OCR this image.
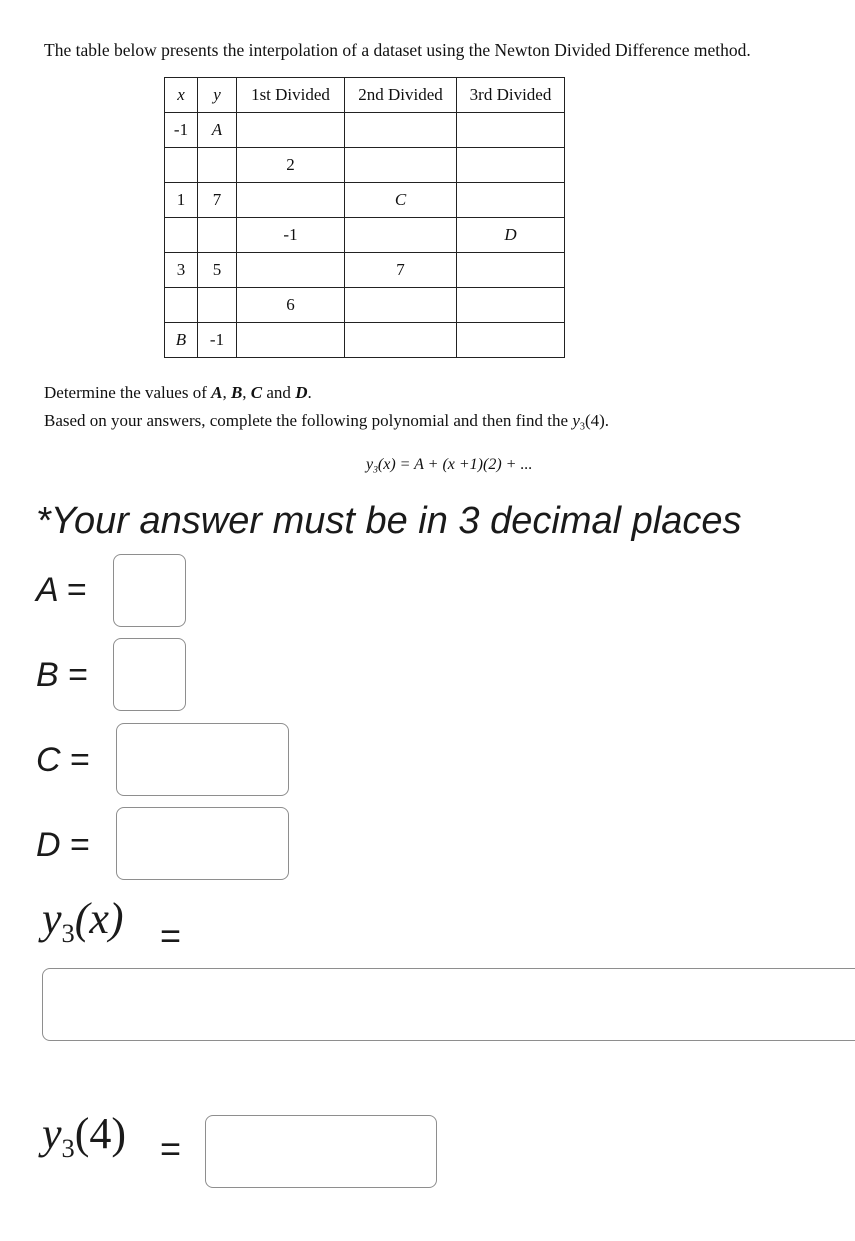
The table below presents the interpolation of a dataset using the Newton Divided Difference method.
x	y	1st Divided	2nd Divided	3rd Divided
-1	A			
		2		
1	7		C	
		-1		D
3	5		7	
		6		
B	-1			
Determine the values of A, B, C and D.
Based on your answers, complete the following polynomial and then find the $y_3(4)$.
$y_3(x) = A + (x +1)(2)$ + ...
*Your answer must be in 3 decimal places
A =
B =
C =
D =
$y_3(x)$ =
$y_3(4)$ =
